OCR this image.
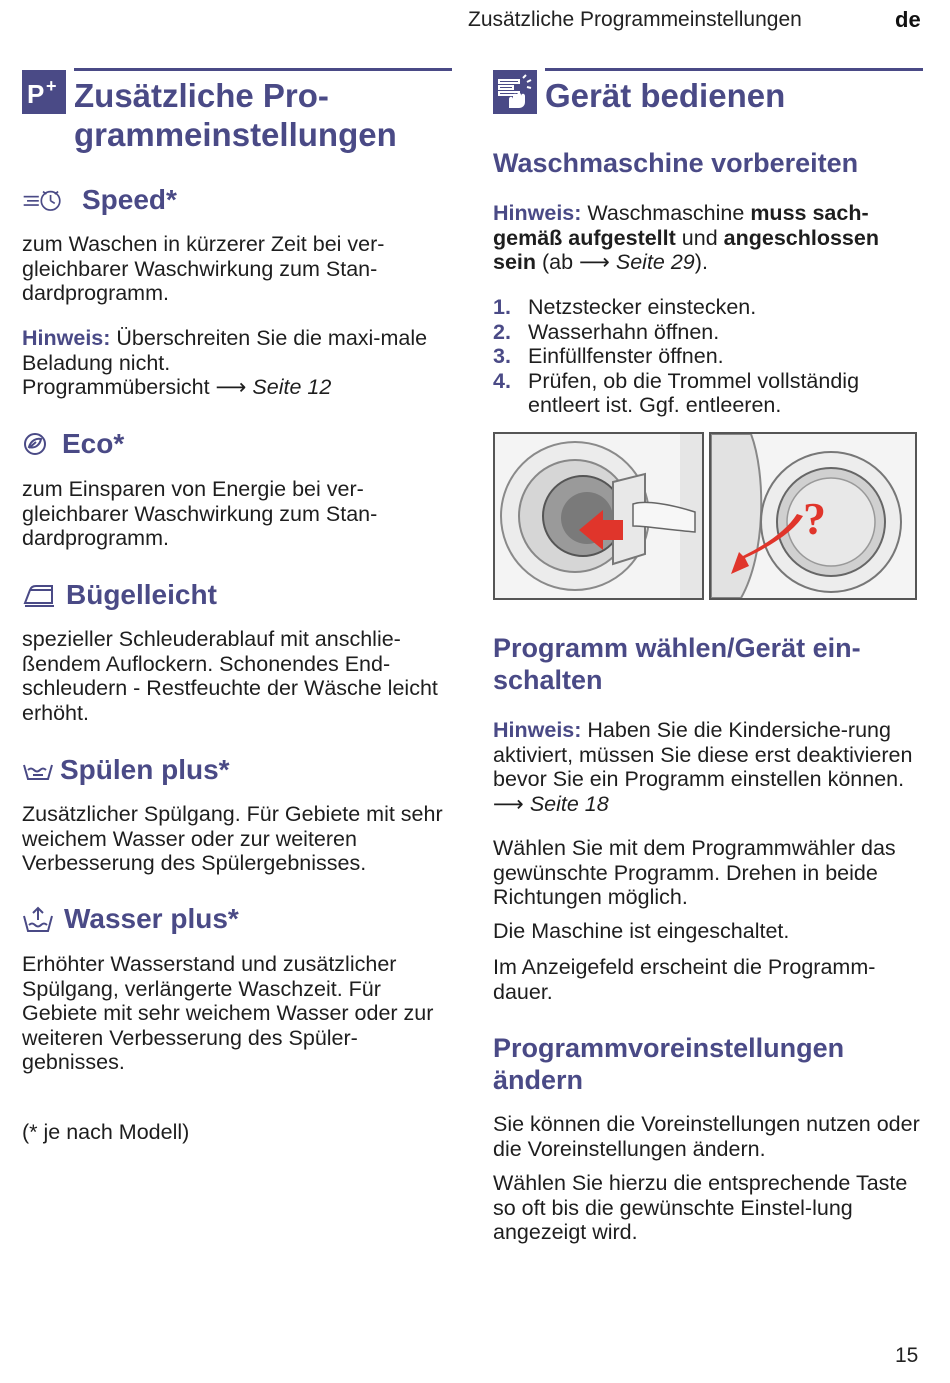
Zusätzliche Programmeinstellungen	de
P + Zusätzliche Pro-
grammeinstellungen
Speed*

zum Waschen in kürzerer Zeit bei ver-gleichbarer Waschwirkung zum Stan-dardprogramm.

Hinweis: Überschreiten Sie die maxi-male Beladung nicht.
Programmübersicht ⟶ Seite 12

Eco*

zum Einsparen von Energie bei ver-gleichbarer Waschwirkung zum Stan-dardprogramm.

Bügelleicht

spezieller Schleuderablauf mit anschlie-ßendem Auflockern. Schonendes End-schleudern - Restfeuchte der Wäsche leicht erhöht.

Spülen plus*

Zusätzlicher Spülgang. Für Gebiete mit sehr weichem Wasser oder zur weiteren Verbesserung des Spülergebnisses.

Wasser plus*

Erhöhter Wasserstand und zusätzlicher Spülgang, verlängerte Waschzeit. Für Gebiete mit sehr weichem Wasser oder zur weiteren Verbesserung des Spüler-gebnisses.

(* je nach Modell)

Gerät bedienen
Waschmaschine vorbereiten

Hinweis: Waschmaschine muss sach-gemäß aufgestellt und angeschlossen sein (ab ⟶ Seite 29).

1. Netzstecker einstecken.
2. Wasserhahn öffnen.
3. Einfüllfenster öffnen.
4. Prüfen, ob die Trommel vollständig entleert ist. Ggf. entleeren.
?
Programm wählen/Gerät ein-
schalten

Hinweis: Haben Sie die Kindersiche-rung aktiviert, müssen Sie diese erst deaktivieren bevor Sie ein Programm einstellen können. ⟶ Seite 18

Wählen Sie mit dem Programmwähler das gewünschte Programm. Drehen in beide Richtungen möglich.

Die Maschine ist eingeschaltet.

Im Anzeigefeld erscheint die Programm-dauer.

Programmvoreinstellungen
ändern

Sie können die Voreinstellungen nutzen oder die Voreinstellungen ändern.

Wählen Sie hierzu die entsprechende Taste so oft bis die gewünschte Einstel-lung angezeigt wird.

15
